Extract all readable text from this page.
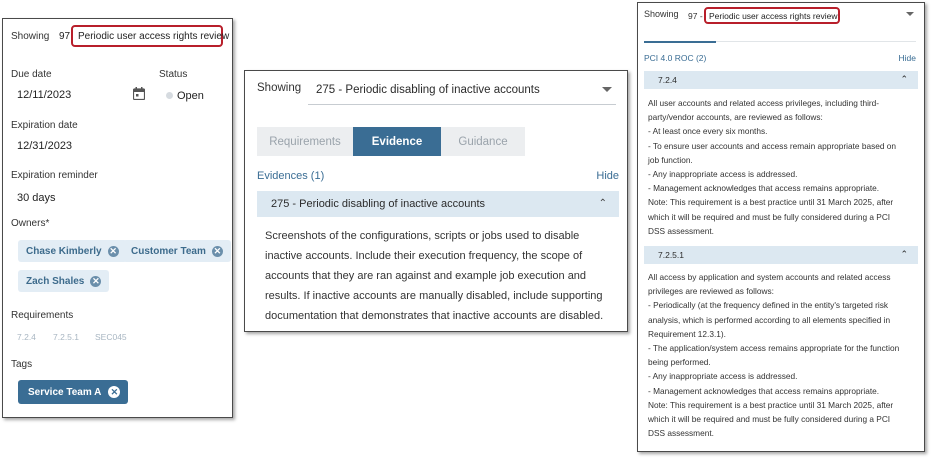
Showing 97 Periodic user access rights review
Due date	Status
12/11/2023	Open
Expiration date
12/31/2023
Expiration reminder
30 days
Owners*
Chase Kimberly ✕ Customer Team ✕
Zach Shales ✕
Requirements
7.2.4 7.2.5.1 SEC045
Tags
Service Team A ✕
Showing 275 - Periodic disabling of inactive accounts
Requirements	Evidence	Guidance
Evidences (1)	Hide
275 - Periodic disabling of inactive accounts	⌃
Screenshots of the configurations, scripts or jobs used to disable
inactive accounts. Include their execution frequency, the scope of
accounts that they are ran against and example job execution and
results. If inactive accounts are manually disabled, include supporting
documentation that demonstrates that inactive accounts are disabled.
Showing 97 - Periodic user access rights review
PCI 4.0 ROC (2)	Hide
7.2.4	⌃
All user accounts and related access privileges, including third-
party/vendor accounts, are reviewed as follows:
- At least once every six months.
- To ensure user accounts and access remain appropriate based on
job function.
- Any inappropriate access is addressed.
- Management acknowledges that access remains appropriate.
Note: This requirement is a best practice until 31 March 2025, after
which it will be required and must be fully considered during a PCI
DSS assessment.
7.2.5.1	⌃
All access by application and system accounts and related access
privileges are reviewed as follows:
- Periodically (at the frequency defined in the entity's targeted risk
analysis, which is performed according to all elements specified in
Requirement 12.3.1).
- The application/system access remains appropriate for the function
being performed.
- Any inappropriate access is addressed.
- Management acknowledges that access remains appropriate.
Note: This requirement is a best practice until 31 March 2025, after
which it will be required and must be fully considered during a PCI
DSS assessment.
